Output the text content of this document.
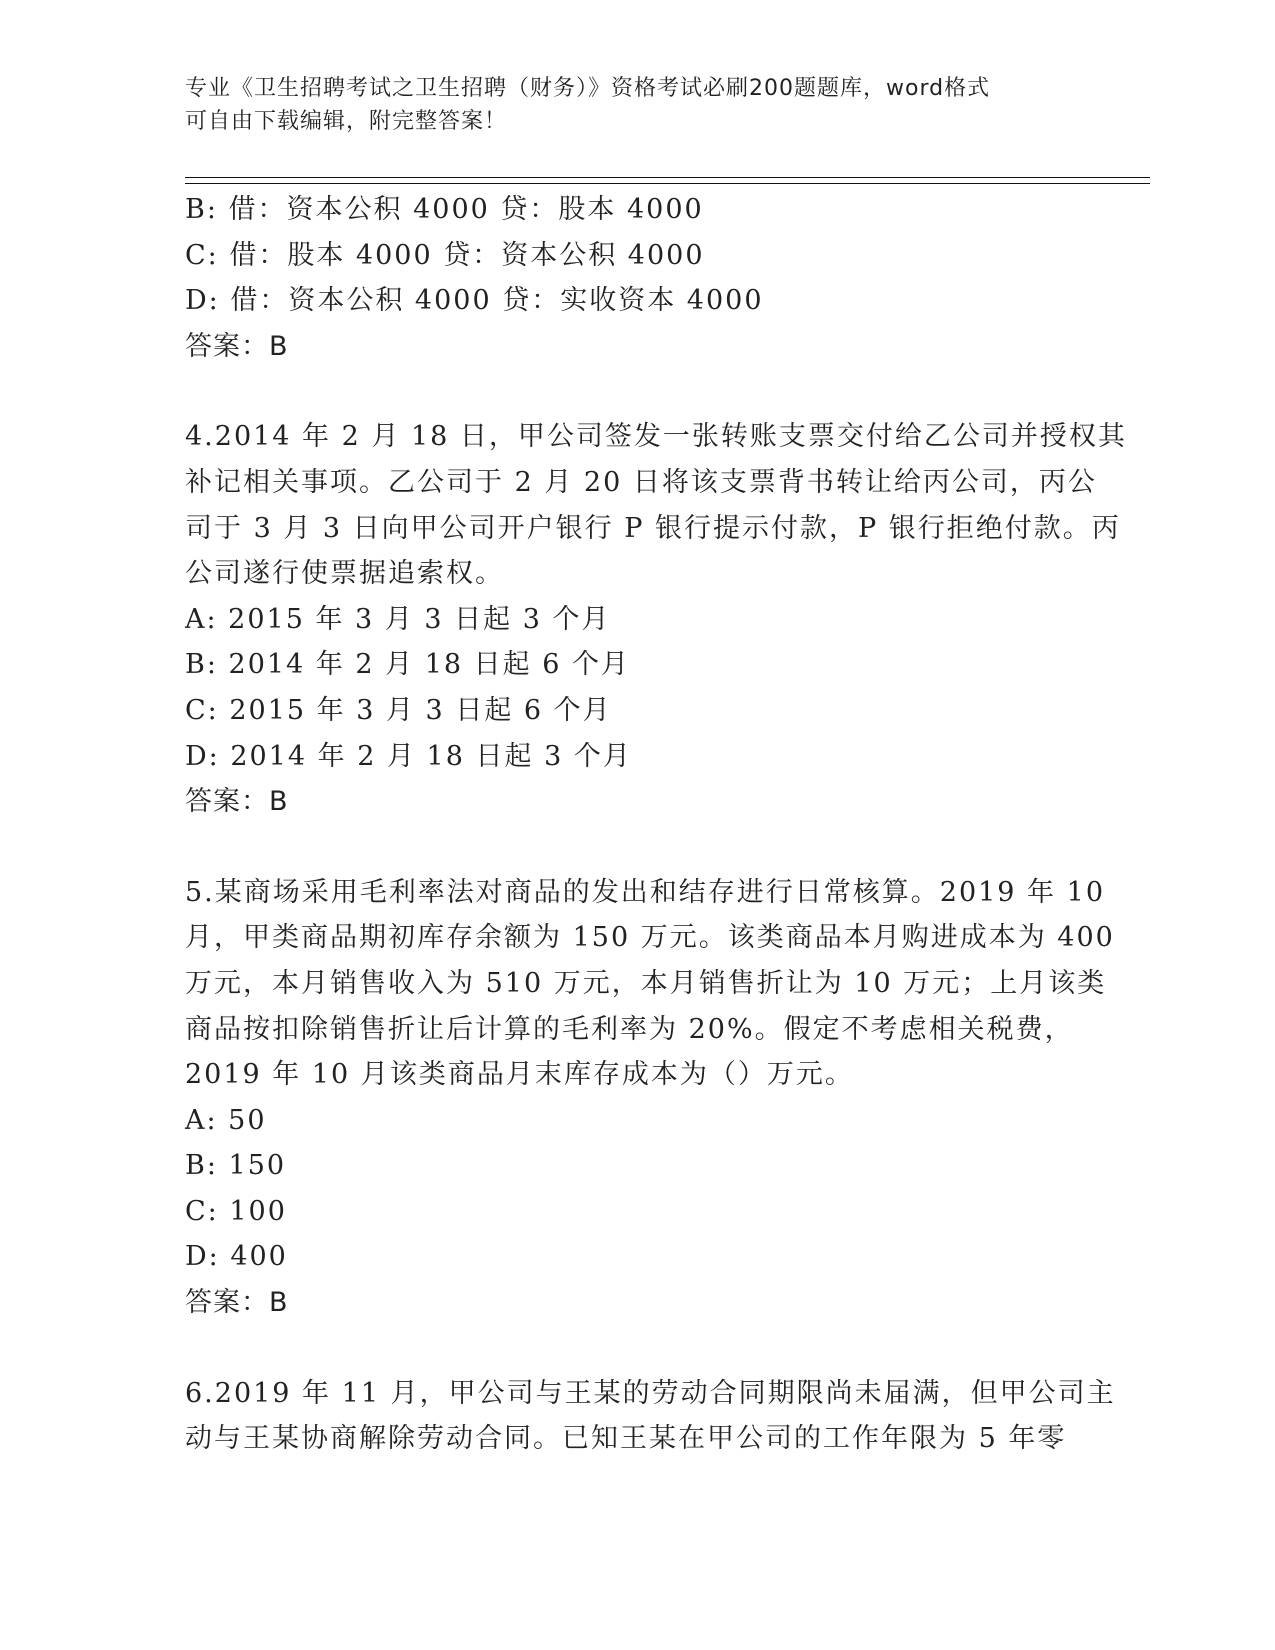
专业《卫生招聘考试之卫生招聘（财务）》资格考试必刷200题题库，word格式
可自由下载编辑，附完整答案！
B: 借：资本公积 4000 贷：股本 4000
C: 借：股本 4000 贷：资本公积 4000
D: 借：资本公积 4000 贷：实收资本 4000
答案：B
4.2014 年 2 月 18 日，甲公司签发一张转账支票交付给乙公司并授权其
补记相关事项。乙公司于 2 月 20 日将该支票背书转让给丙公司，丙公
司于 3 月 3 日向甲公司开户银行 P 银行提示付款，P 银行拒绝付款。丙
公司遂行使票据追索权。
A: 2015 年 3 月 3 日起 3 个月
B: 2014 年 2 月 18 日起 6 个月
C: 2015 年 3 月 3 日起 6 个月
D: 2014 年 2 月 18 日起 3 个月
答案：B
5.某商场采用毛利率法对商品的发出和结存进行日常核算。2019 年 10
月，甲类商品期初库存余额为 150 万元。该类商品本月购进成本为 400
万元，本月销售收入为 510 万元，本月销售折让为 10 万元；上月该类
商品按扣除销售折让后计算的毛利率为 20%。假定不考虑相关税费，
2019 年 10 月该类商品月末库存成本为（）万元。
A: 50
B: 150
C: 100
D: 400
答案：B
6.2019 年 11 月，甲公司与王某的劳动合同期限尚未届满，但甲公司主
动与王某协商解除劳动合同。已知王某在甲公司的工作年限为 5 年零
